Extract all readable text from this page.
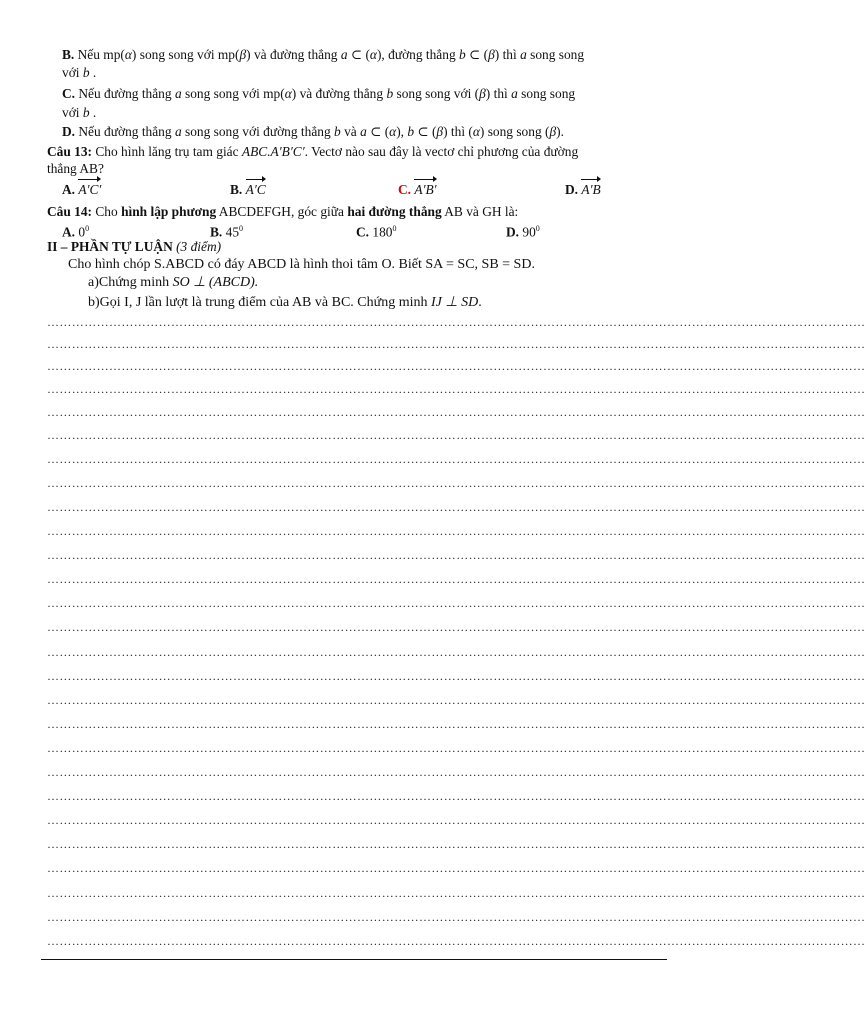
B. Nếu mp(α) song song với mp(β) và đường thẳng a ⊂ (α), đường thẳng b ⊂ (β) thì a song song
với b .
C. Nếu đường thẳng a song song với mp(α) và đường thẳng b song song với (β) thì a song song
với b .
D. Nếu đường thẳng a song song với đường thẳng b và a ⊂ (α), b ⊂ (β) thì (α) song song (β).
Câu 13: Cho hình lăng trụ tam giác ABC.A′B′C′. Vectơ nào sau đây là vectơ chỉ phương của đường
thẳng AB?
A. A′C′	B. A′C	C. A′B′	D. A′B
Câu 14: Cho hình lập phương ABCDEFGH, góc giữa hai đường thẳng AB và GH là:
A. $0^0$	B. $45^0$	C. $180^0$	D. $90^0$
II – PHẦN TỰ LUẬN (3 điểm)
Cho hình chóp S.ABCD có đáy ABCD là hình thoi tâm O. Biết SA = SC, SB = SD.
a)Chứng minh SO ⊥ (ABCD).
b)Gọi I, J lần lượt là trung điểm của AB và BC. Chứng minh IJ ⊥ SD.
………………………………………………………………………………………………………………………………………………………………………………
………………………………………………………………………………………………………………………………………………………………………………
………………………………………………………………………………………………………………………………………………………………………………
………………………………………………………………………………………………………………………………………………………………………………
………………………………………………………………………………………………………………………………………………………………………………
………………………………………………………………………………………………………………………………………………………………………………
………………………………………………………………………………………………………………………………………………………………………………
………………………………………………………………………………………………………………………………………………………………………………
………………………………………………………………………………………………………………………………………………………………………………
………………………………………………………………………………………………………………………………………………………………………………
………………………………………………………………………………………………………………………………………………………………………………
………………………………………………………………………………………………………………………………………………………………………………
………………………………………………………………………………………………………………………………………………………………………………
………………………………………………………………………………………………………………………………………………………………………………
………………………………………………………………………………………………………………………………………………………………………………
………………………………………………………………………………………………………………………………………………………………………………
………………………………………………………………………………………………………………………………………………………………………………
………………………………………………………………………………………………………………………………………………………………………………
………………………………………………………………………………………………………………………………………………………………………………
………………………………………………………………………………………………………………………………………………………………………………
………………………………………………………………………………………………………………………………………………………………………………
………………………………………………………………………………………………………………………………………………………………………………
………………………………………………………………………………………………………………………………………………………………………………
………………………………………………………………………………………………………………………………………………………………………………
………………………………………………………………………………………………………………………………………………………………………………
………………………………………………………………………………………………………………………………………………………………………………
………………………………………………………………………………………………………………………………………………………………………………
